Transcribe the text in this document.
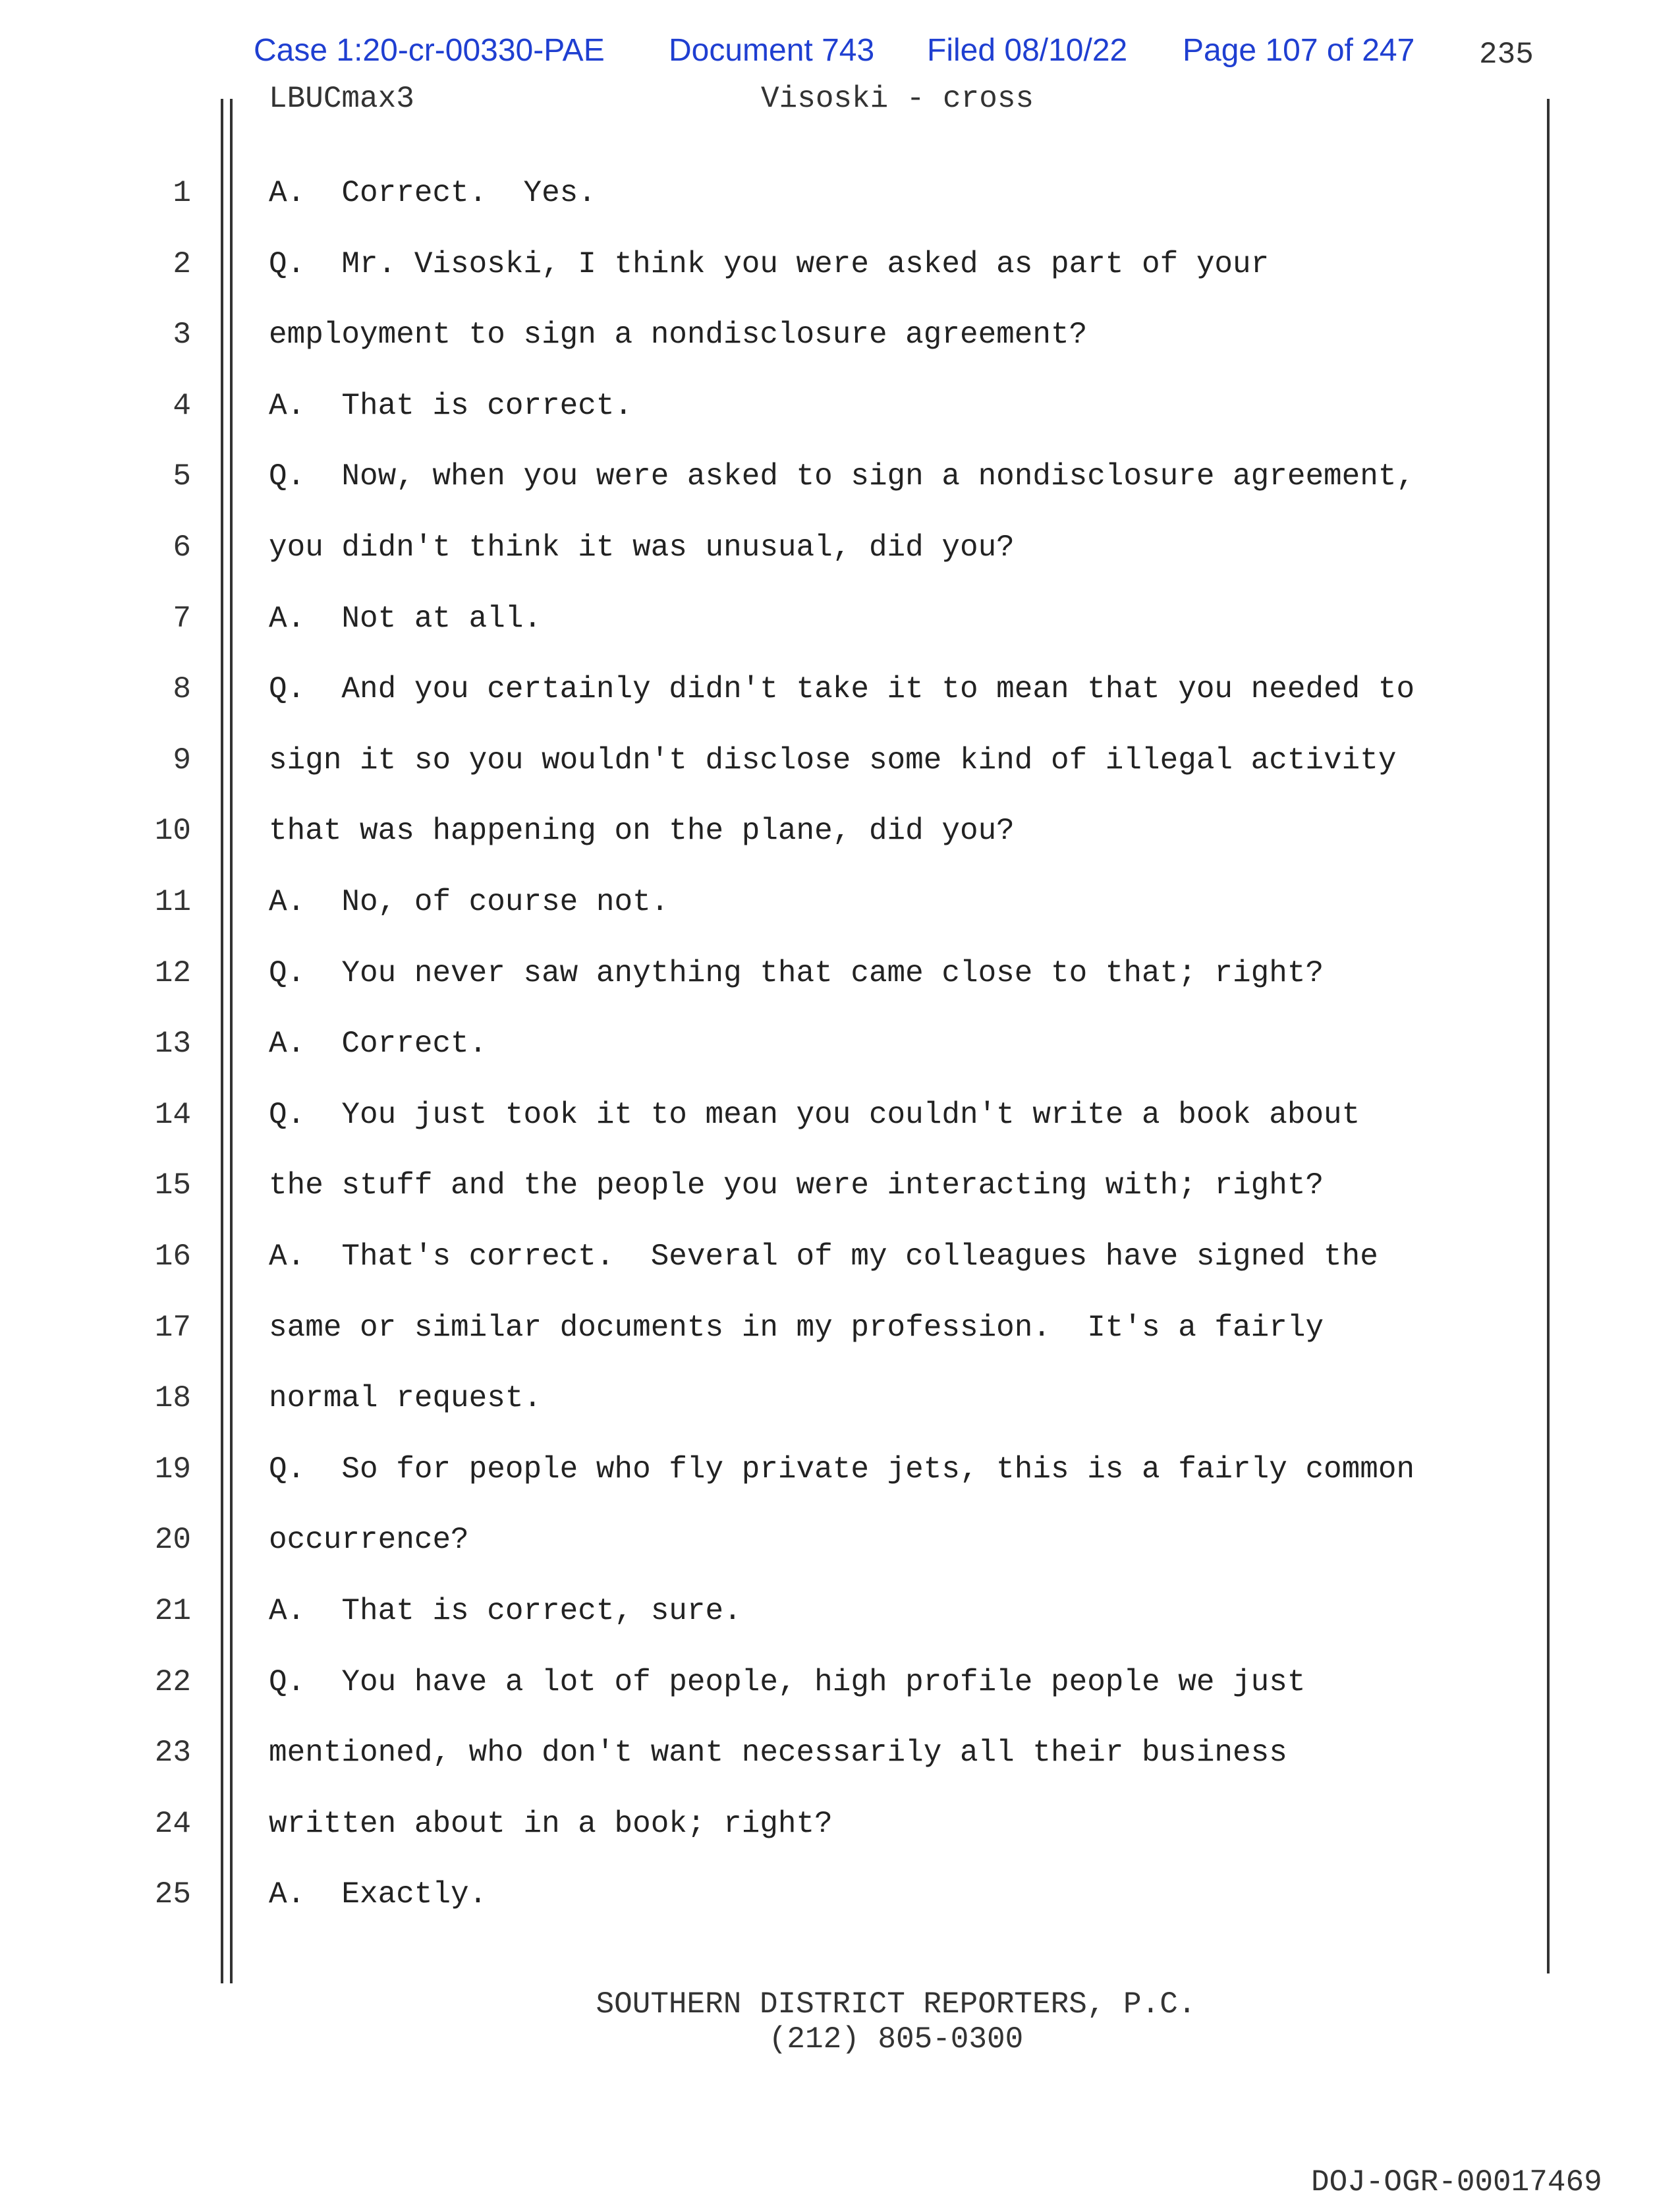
Case 1:20-cr-00330-PAE Document 743 Filed 08/10/22 Page 107 of 247 235
LBUCmax3	Visoski - cross
1	A.  Correct.  Yes.
2	Q.  Mr. Visoski, I think you were asked as part of your
3	employment to sign a nondisclosure agreement?
4	A.  That is correct.
5	Q.  Now, when you were asked to sign a nondisclosure agreement,
6	you didn't think it was unusual, did you?
7	A.  Not at all.
8	Q.  And you certainly didn't take it to mean that you needed to
9	sign it so you wouldn't disclose some kind of illegal activity
10	that was happening on the plane, did you?
11	A.  No, of course not.
12	Q.  You never saw anything that came close to that; right?
13	A.  Correct.
14	Q.  You just took it to mean you couldn't write a book about
15	the stuff and the people you were interacting with; right?
16	A.  That's correct.  Several of my colleagues have signed the
17	same or similar documents in my profession.  It's a fairly
18	normal request.
19	Q.  So for people who fly private jets, this is a fairly common
20	occurrence?
21	A.  That is correct, sure.
22	Q.  You have a lot of people, high profile people we just
23	mentioned, who don't want necessarily all their business
24	written about in a book; right?
25	A.  Exactly.
SOUTHERN DISTRICT REPORTERS, P.C.
(212) 805-0300
DOJ-OGR-00017469
